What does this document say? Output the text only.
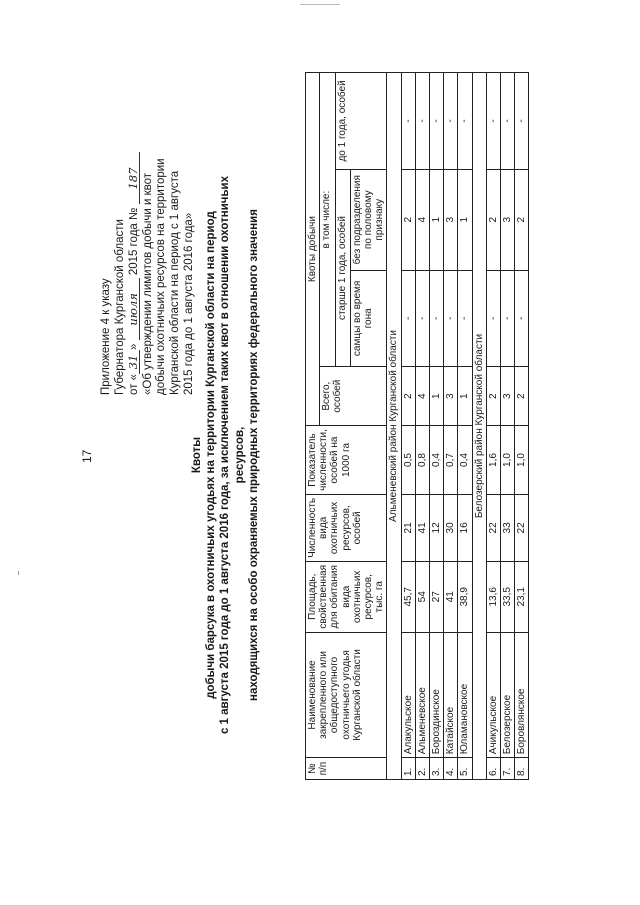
17
Приложение 4 к указу Губернатора Курганской области от «31» июля 2015 года № 187 «Об утверждении лимитов добычи и квот добычи охотничьих ресурсов на территории Курганской области на период с 1 августа 2015 года до 1 августа 2016 года»
Квоты добычи барсука в охотничьих угодьях на территории Курганской области на период с 1 августа 2015 года до 1 августа 2016 года, за исключением таких квот в отношении охотничьих ресурсов, находящихся на особо охраняемых природных территориях федерального значения
№ п/п	Наименование закрепленного или общедоступного охотничьего угодья Курганской области	Площадь, свойственная для обитания вида охотничьих ресурсов, тыс. га	Численность вида охотничьих ресурсов, особей	Показатель численности, особей на 1000 га	Квоты добычи			
					Всего, особей	в том числе:		
						старше 1 года, особей		до 1 года, особей
						самцы во время гона	без подразделения по половому признаку	
Альменевский район Курганской области								
1.	Алакульское	45,7	21	0,5	2	-	2	-
2.	Альменевское	54	41	0,8	4	-	4	-
3.	Бороздинское	27	12	0,4	1	-	1	-
4.	Катайское	41	30	0,7	3	-	3	-
5.	Юламановское	38,9	16	0,4	1	-	1	-
Белозерский район Курганской области								
6.	Ачикульское	13,6	22	1,6	2	-	2	-
7.	Белозерское	33,5	33	1,0	3	-	3	-
8.	Боровлянское	23,1	22	1,0	2	-	2	-
